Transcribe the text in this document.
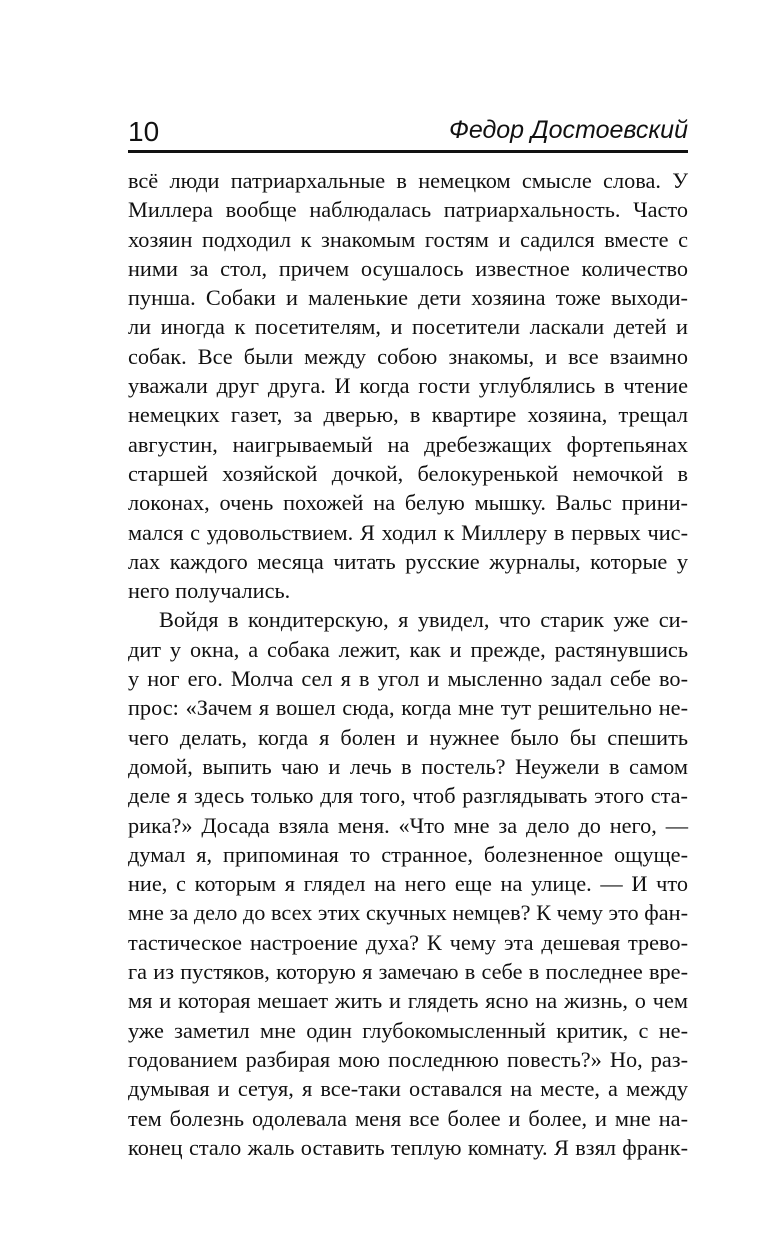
10	Федор Достоевский
всё люди патриархальные в немецком смысле слова. У
Миллера вообще наблюдалась патриархальность. Часто
хозяин подходил к знакомым гостям и садился вместе с
ними за стол, причем осушалось известное количество
пунша. Собаки и маленькие дети хозяина тоже выходи-
ли иногда к посетителям, и посетители ласкали детей и
собак. Все были между собою знакомы, и все взаимно
уважали друг друга. И когда гости углублялись в чтение
немецких газет, за дверью, в квартире хозяина, трещал
августин, наигрываемый на дребезжащих фортепьянах
старшей хозяйской дочкой, белокуренькой немочкой в
локонах, очень похожей на белую мышку. Вальс прини-
мался с удовольствием. Я ходил к Миллеру в первых чис-
лах каждого месяца читать русские журналы, которые у
него получались.
Войдя в кондитерскую, я увидел, что старик уже си-
дит у окна, а собака лежит, как и прежде, растянувшись
у ног его. Молча сел я в угол и мысленно задал себе во-
прос: «Зачем я вошел сюда, когда мне тут решительно не-
чего делать, когда я болен и нужнее было бы спешить
домой, выпить чаю и лечь в постель? Неужели в самом
деле я здесь только для того, чтоб разглядывать этого ста-
рика?» Досада взяла меня. «Что мне за дело до него, —
думал я, припоминая то странное, болезненное ощуще-
ние, с которым я глядел на него еще на улице. — И что
мне за дело до всех этих скучных немцев? К чему это фан-
тастическое настроение духа? К чему эта дешевая трево-
га из пустяков, которую я замечаю в себе в последнее вре-
мя и которая мешает жить и глядеть ясно на жизнь, о чем
уже заметил мне один глубокомысленный критик, с не-
годованием разбирая мою последнюю повесть?» Но, раз-
думывая и сетуя, я все-таки оставался на месте, а между
тем болезнь одолевала меня все более и более, и мне на-
конец стало жаль оставить теплую комнату. Я взял франк-
